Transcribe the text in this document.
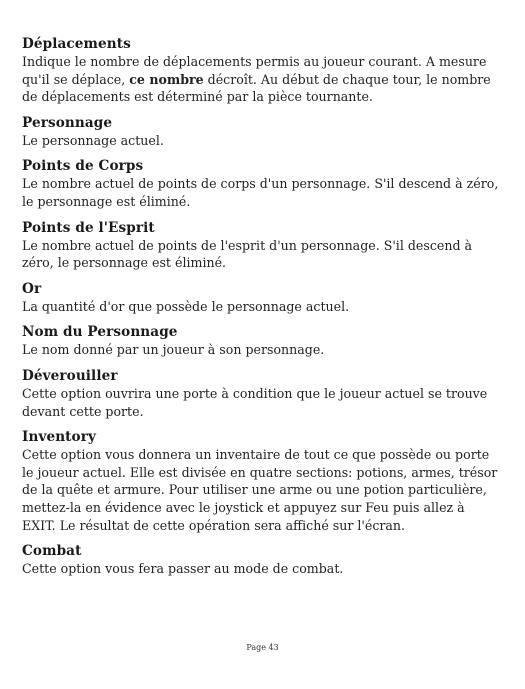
Déplacements

Indique le nombre de déplacements permis au joueur courant. A mesure qu'il se déplace, ce nombre décroît. Au début de chaque tour, le nombre de déplacements est déterminé par la pièce tournante.

Personnage

Le personnage actuel.

Points de Corps

Le nombre actuel de points de corps d'un personnage. S'il descend à zéro, le personnage est éliminé.

Points de l'Esprit

Le nombre actuel de points de l'esprit d'un personnage. S'il descend à zéro, le personnage est éliminé.

Or

La quantité d'or que possède le personnage actuel.

Nom du Personnage

Le nom donné par un joueur à son personnage.

Déverouiller

Cette option ouvrira une porte à condition que le joueur actuel se trouve devant cette porte.

Inventory

Cette option vous donnera un inventaire de tout ce que possède ou porte le joueur actuel. Elle est divisée en quatre sections: potions, armes, trésor de la quête et armure. Pour utiliser une arme ou une potion particulière, mettez-la en évidence avec le joystick et appuyez sur Feu puis allez à EXIT. Le résultat de cette opération sera affiché sur l'écran.

Combat

Cette option vous fera passer au mode de combat.

Page 43
